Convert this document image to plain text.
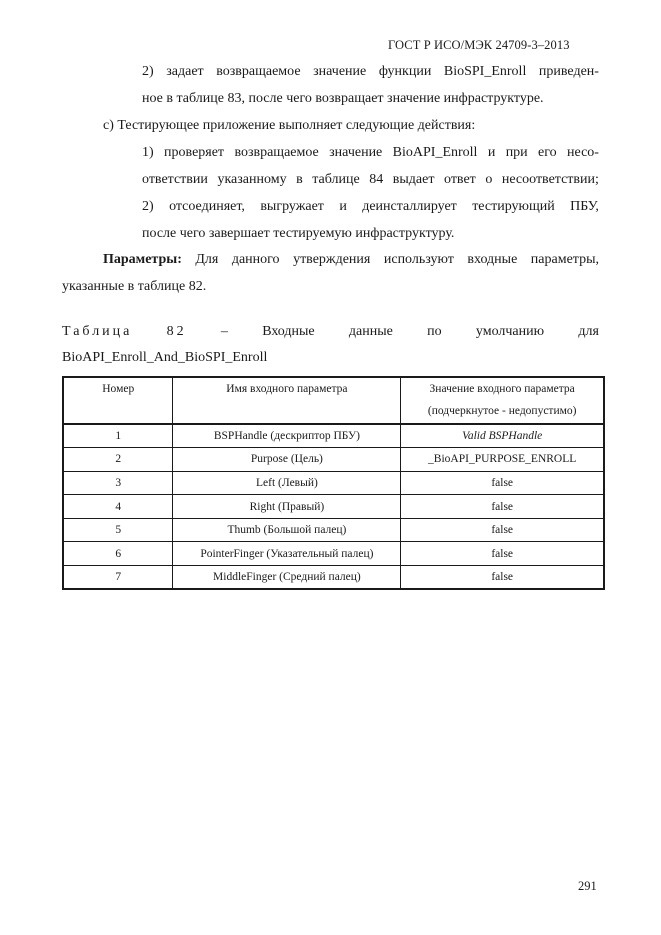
ГОСТ Р ИСО/МЭК 24709-3–2013
2) задает возвращаемое значение функции BioSPI_Enroll приведен-
ное в таблице 83, после чего возвращает значение инфраструктуре.
c) Тестирующее приложение выполняет следующие действия:
1) проверяет возвращаемое значение BioAPI_Enroll и при его несо-
ответствии указанному в таблице 84 выдает ответ о несоответствии;
2) отсоединяет, выгружает и деинсталлирует тестирующий ПБУ,
после чего завершает тестируемую инфраструктуру.
Параметры: Для данного утверждения используют входные параметры,
указанные в таблице 82.
Таблица 82 – Входные данные по умолчанию для
BioAPI_Enroll_And_BioSPI_Enroll
Номер	Имя входного параметра	Значение входного параметра
(подчеркнутое - недопустимо)

1	BSPHandle (дескриптор ПБУ)	Valid BSPHandle
2	Purpose (Цель)	_BioAPI_PURPOSE_ENROLL
3	Left (Левый)	false
4	Right (Правый)	false
5	Thumb (Большой палец)	false
6	PointerFinger (Указательный палец)	false
7	MiddleFinger (Средний палец)	false
291
